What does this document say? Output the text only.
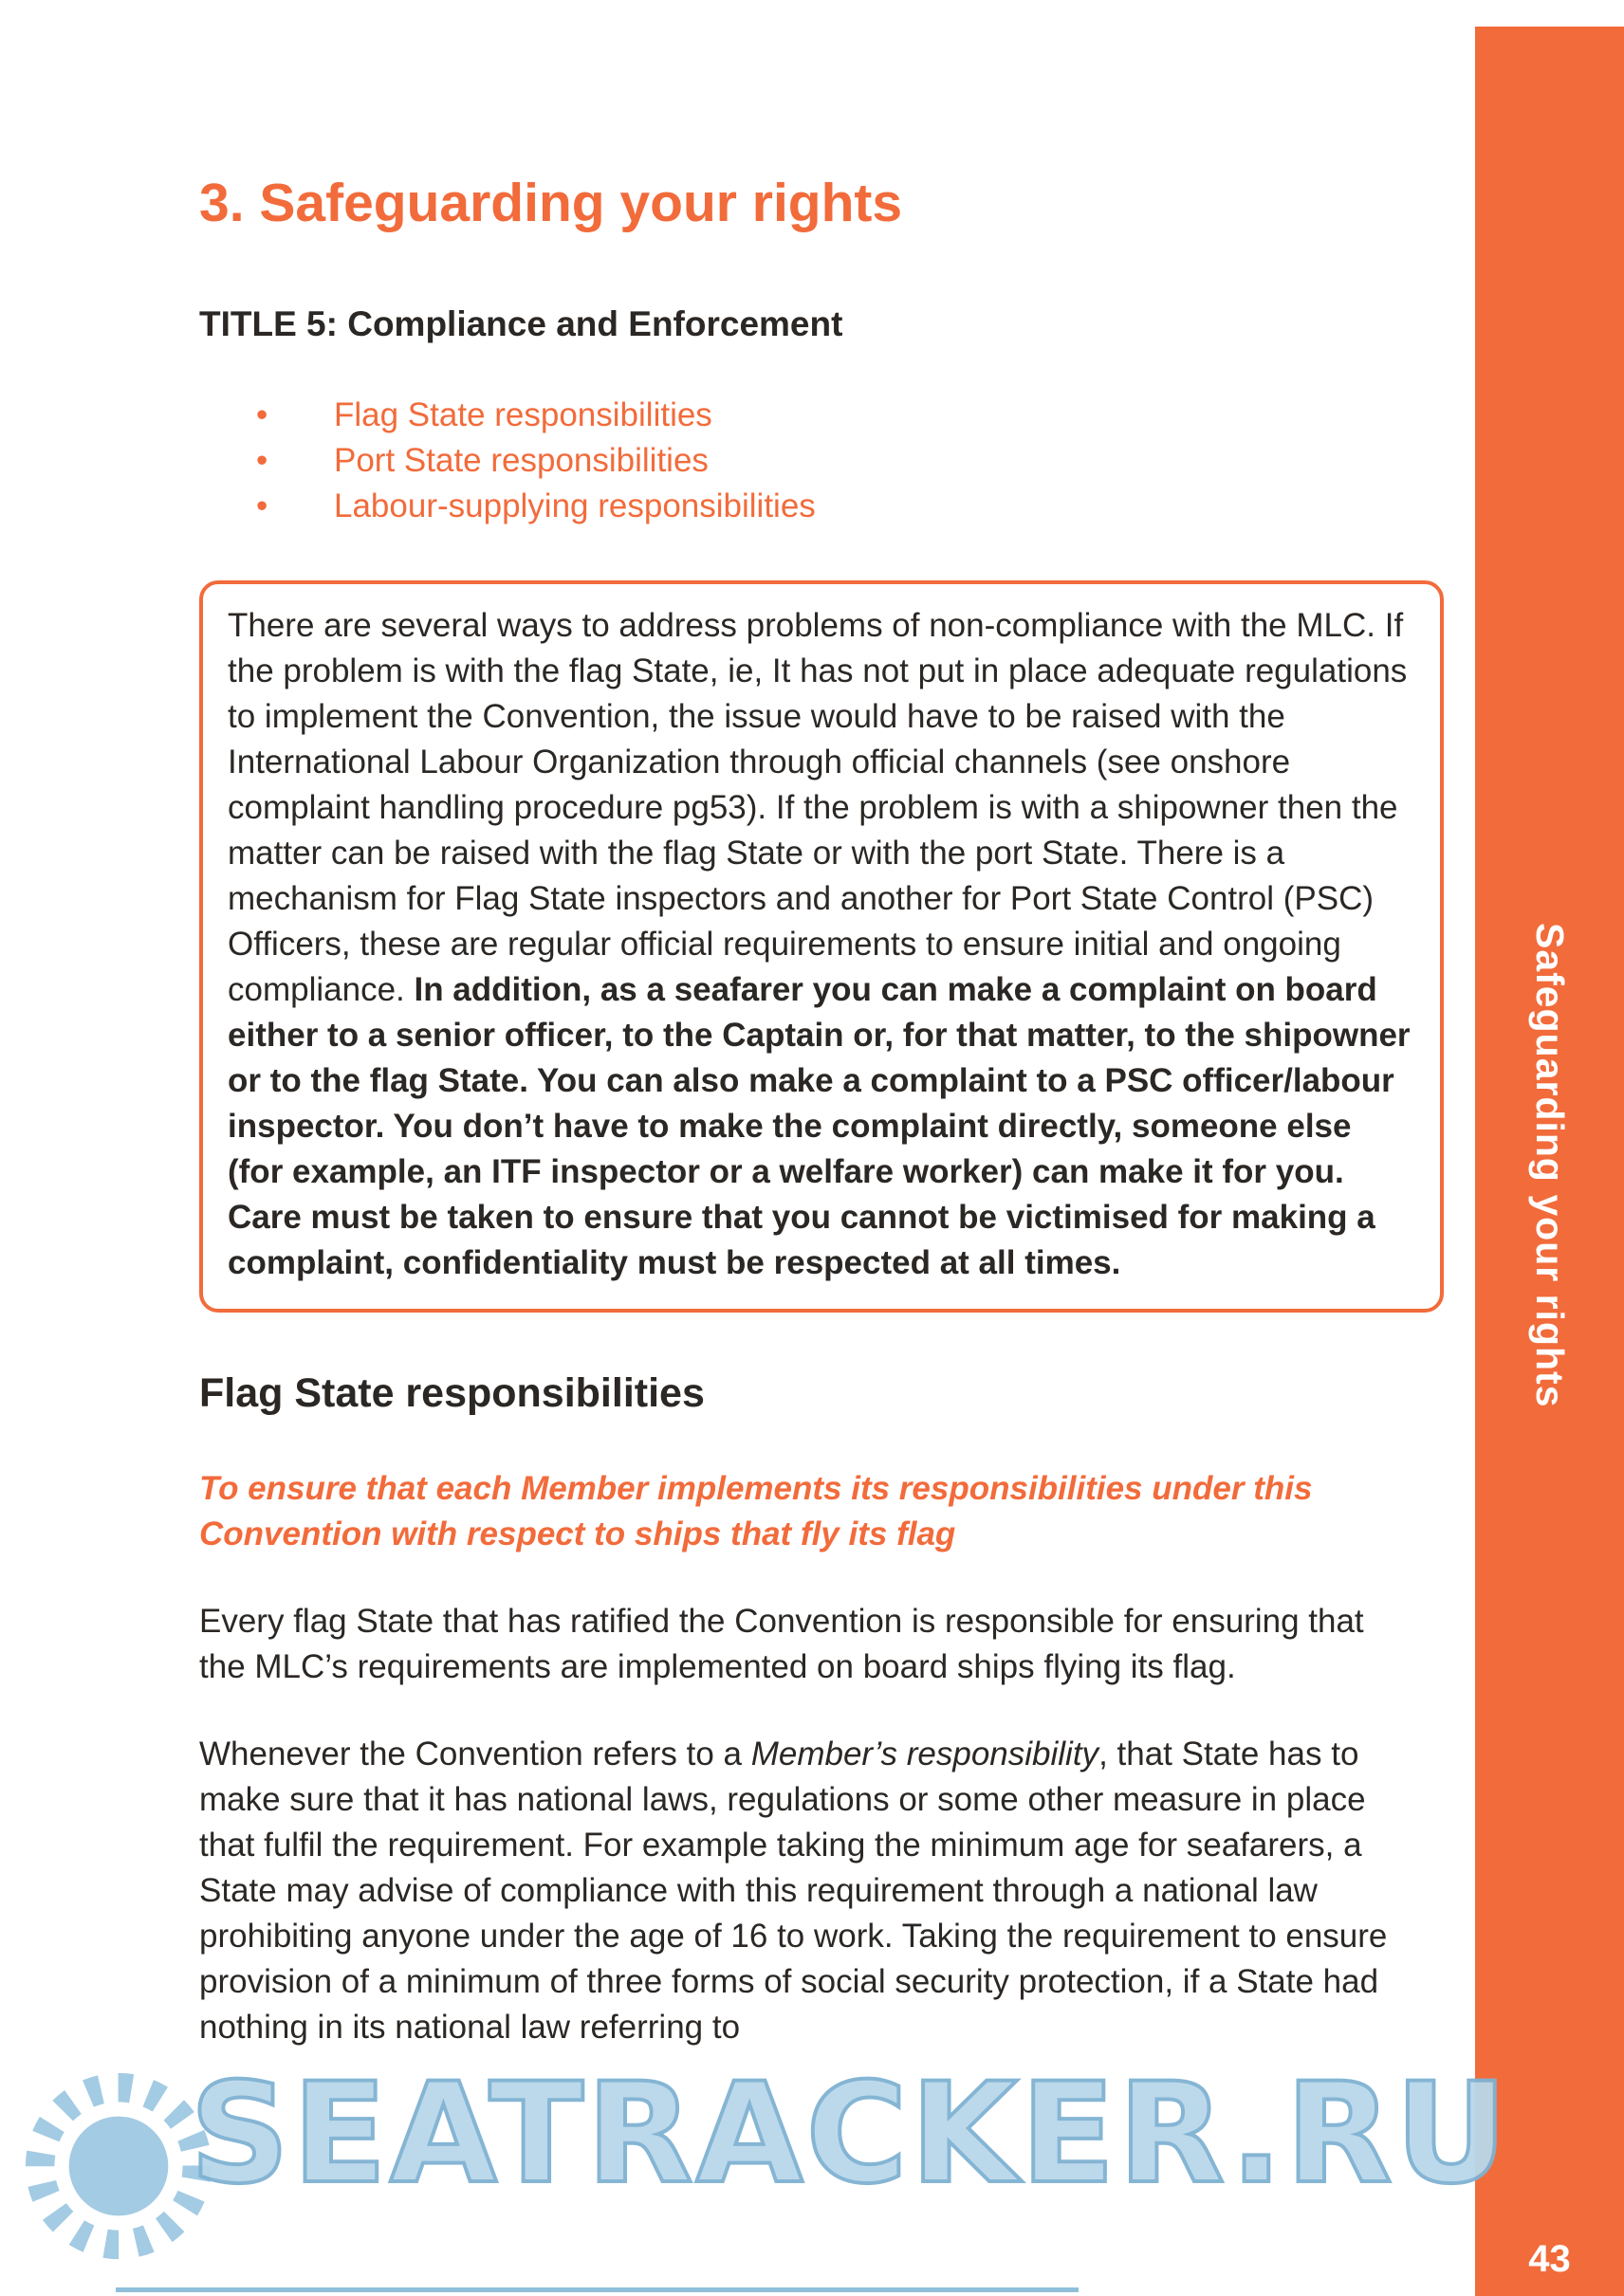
3. Safeguarding your rights
TITLE 5: Compliance and Enforcement
• Flag State responsibilities
• Port State responsibilities
• Labour-supplying responsibilities

There are several ways to address problems of non-compliance with the MLC. If the problem is with the flag State, ie, It has not put in place adequate regulations to implement the Convention, the issue would have to be raised with the International Labour Organization through official channels (see onshore complaint handling procedure pg53). If the problem is with a shipowner then the matter can be raised with the flag State or with the port State. There is a mechanism for Flag State inspectors and another for Port State Control (PSC) Officers, these are regular official requirements to ensure initial and ongoing compliance. In addition, as a seafarer you can make a complaint on board either to a senior officer, to the Captain or, for that matter, to the shipowner or to the flag State. You can also make a complaint to a PSC officer/labour inspector. You don’t have to make the complaint directly, someone else (for example, an ITF inspector or a welfare worker) can make it for you. Care must be taken to ensure that you cannot be victimised for making a complaint, confidentiality must be respected at all times.

Flag State responsibilities

To ensure that each Member implements its responsibilities under this Convention with respect to ships that fly its flag

Every flag State that has ratified the Convention is responsible for ensuring that the MLC’s requirements are implemented on board ships flying its flag.

Whenever the Convention refers to a Member’s responsibility, that State has to make sure that it has national laws, regulations or some other measure in place that fulfil the requirement. For example taking the minimum age for seafarers, a State may advise of compliance with this requirement through a national law prohibiting anyone under the age of 16 to work. Taking the requirement to ensure provision of a minimum of three forms of social security protection, if a State had nothing in its national law referring to

Safeguarding your rights
43
SEATRACKER.RU
